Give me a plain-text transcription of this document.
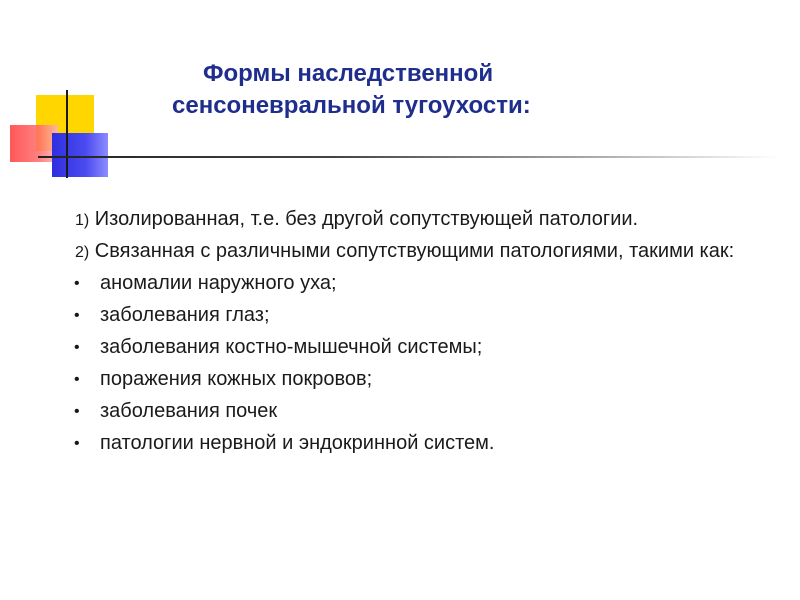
Формы наследственной
сенсоневральной тугоухости:

1) Изолированная, т.е. без другой сопутствующей патологии.

2) Связанная с различными сопутствующими патологиями, такими как:

• аномалии наружного уха;
• заболевания глаз;
• заболевания костно-мышечной системы;
• поражения кожных покровов;
• заболевания почек
• патологии нервной и эндокринной систем.
